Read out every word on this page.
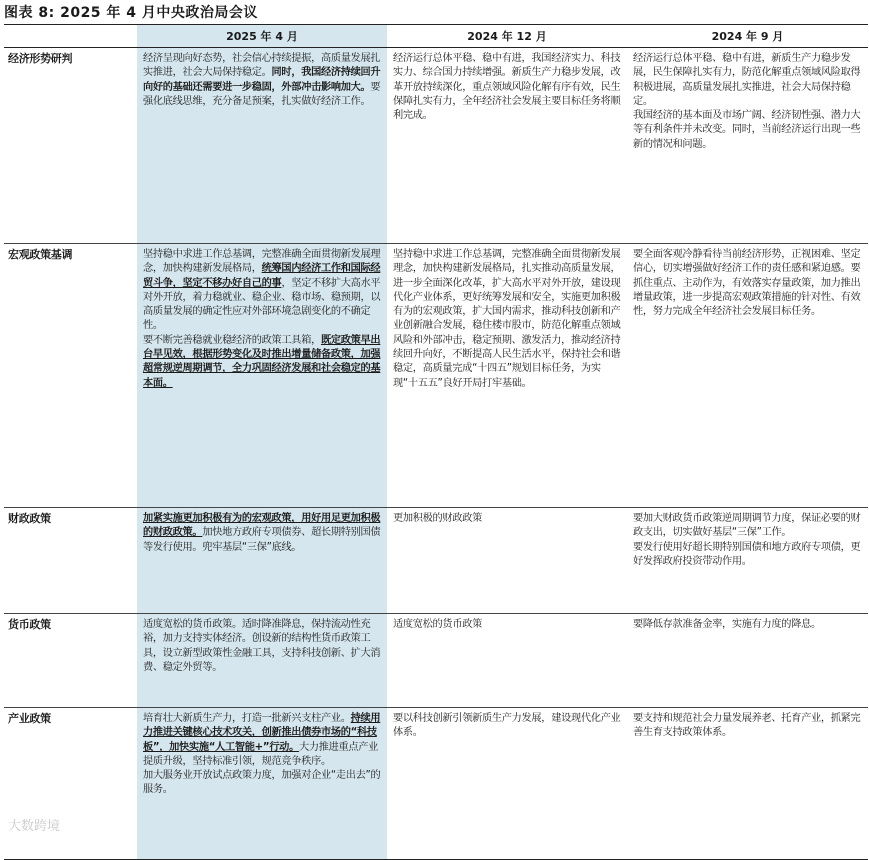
图表 8: 2025 年 4 月中央政治局会议
	2025 年 4 月	2024 年 12 月	2024 年 9 月
经济形势研判	经济呈现向好态势，社会信心持续提振，高质量发展扎实推进，社会大局保持稳定。同时，我国经济持续回升向好的基础还需要进一步稳固，外部冲击影响加大。要强化底线思维，充分备足预案，扎实做好经济工作。	经济运行总体平稳、稳中有进，我国经济实力、科技实力、综合国力持续增强。新质生产力稳步发展，改革开放持续深化，重点领域风险化解有序有效，民生保障扎实有力，全年经济社会发展主要目标任务将顺利完成。	经济运行总体平稳、稳中有进，新质生产力稳步发展，民生保障扎实有力，防范化解重点领域风险取得积极进展，高质量发展扎实推进，社会大局保持稳定。

我国经济的基本面及市场广阔、经济韧性强、潜力大等有利条件并未改变。同时，当前经济运行出现一些新的情况和问题。

宏观政策基调	坚持稳中求进工作总基调，完整准确全面贯彻新发展理念，加快构建新发展格局，统筹国内经济工作和国际经贸斗争，坚定不移办好自己的事，坚定不移扩大高水平对外开放，着力稳就业、稳企业、稳市场、稳预期，以高质量发展的确定性应对外部环境急剧变化的不确定性。

要不断完善稳就业稳经济的政策工具箱，既定政策早出台早见效，根据形势变化及时推出增量储备政策，加强超常规逆周期调节，全力巩固经济发展和社会稳定的基本面。	坚持稳中求进工作总基调，完整准确全面贯彻新发展理念，加快构建新发展格局，扎实推动高质量发展，进一步全面深化改革，扩大高水平对外开放，建设现代化产业体系，更好统筹发展和安全，实施更加积极有为的宏观政策，扩大国内需求，推动科技创新和产业创新融合发展，稳住楼市股市，防范化解重点领域风险和外部冲击，稳定预期、激发活力，推动经济持续回升向好，不断提高人民生活水平，保持社会和谐稳定，高质量完成“十四五”规划目标任务，为实现“十五五”良好开局打牢基础。	要全面客观冷静看待当前经济形势，正视困难、坚定信心，切实增强做好经济工作的责任感和紧迫感。要抓住重点、主动作为，有效落实存量政策，加力推出增量政策，进一步提高宏观政策措施的针对性、有效性，努力完成全年经济社会发展目标任务。

财政政策	加紧实施更加积极有为的宏观政策，用好用足更加积极的财政政策。加快地方政府专项债券、超长期特别国债等发行使用。兜牢基层“三保”底线。	更加积极的财政政策	要加大财政货币政策逆周期调节力度，保证必要的财政支出，切实做好基层“三保”工作。

要发行使用好超长期特别国债和地方政府专项债，更好发挥政府投资带动作用。

货币政策	适度宽松的货币政策。适时降准降息，保持流动性充裕，加力支持实体经济。创设新的结构性货币政策工具，设立新型政策性金融工具，支持科技创新、扩大消费、稳定外贸等。	适度宽松的货币政策	要降低存款准备金率，实施有力度的降息。

产业政策	培育壮大新质生产力，打造一批新兴支柱产业。持续用力推进关键核心技术攻关，创新推出债券市场的“科技板”，加快实施“人工智能+”行动。大力推进重点产业提质升级，坚持标准引领，规范竞争秩序。

加大服务业开放试点政策力度，加强对企业“走出去”的服务。	要以科技创新引领新质生产力发展，建设现代化产业体系。	要支持和规范社会力量发展养老、托育产业，抓紧完善生育支持政策体系。

大数跨境
